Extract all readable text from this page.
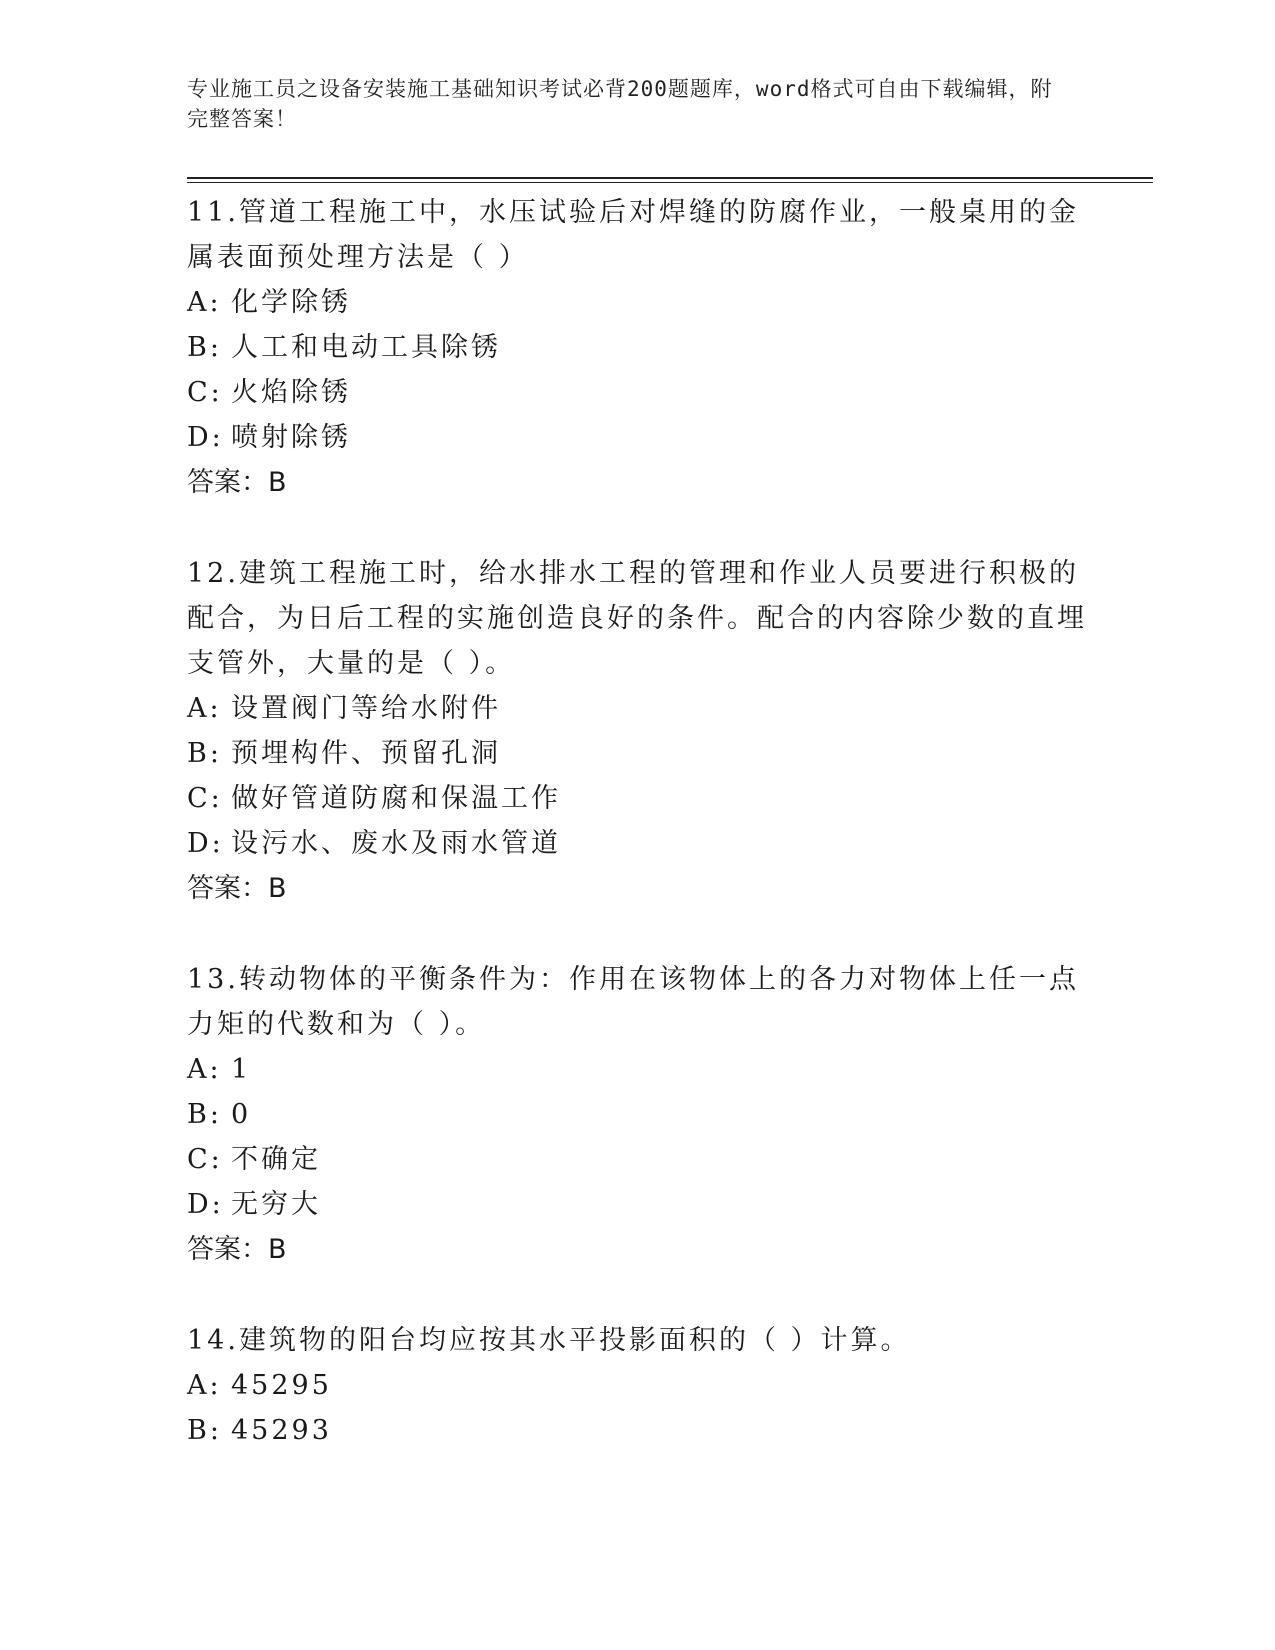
专业施工员之设备安装施工基础知识考试必背200题题库，word格式可自由下载编辑，附完整答案！
11.管道工程施工中，水压试验后对焊缝的防腐作业，一般桌用的金属表面预处理方法是（ ）
A: 化学除锈
B: 人工和电动工具除锈
C: 火焰除锈
D: 喷射除锈
答案：B
12.建筑工程施工时，给水排水工程的管理和作业人员要进行积极的配合，为日后工程的实施创造良好的条件。配合的内容除少数的直埋支管外，大量的是（ ）。
A: 设置阀门等给水附件
B: 预埋构件、预留孔洞
C: 做好管道防腐和保温工作
D: 设污水、废水及雨水管道
答案：B
13.转动物体的平衡条件为：作用在该物体上的各力对物体上任一点力矩的代数和为（ ）。
A: 1
B: 0
C: 不确定
D: 无穷大
答案：B
14.建筑物的阳台均应按其水平投影面积的（ ）计算。
A: 45295
B: 45293
